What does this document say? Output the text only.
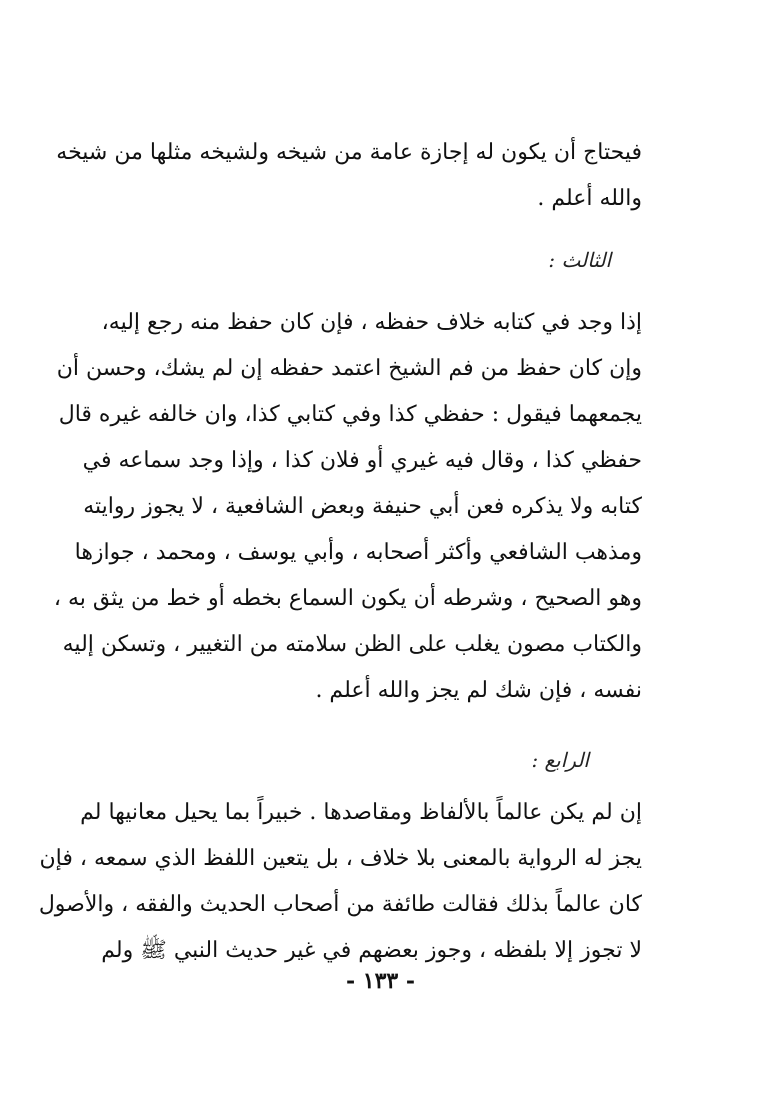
فيحتاج أن يكون له إجازة عامة من شيخه ولشيخه مثلها من شيخه
والله أعلم .
الثالث :
إذا وجد في كتابه خلاف حفظه ، فإن كان حفظ منه رجع إليه،
وإن كان حفظ من فم الشيخ اعتمد حفظه إن لم يشك، وحسن أن
يجمعهما فيقول : حفظي كذا وفي كتابي كذا، وان خالفه غيره قال
حفظي كذا ، وقال فيه غيري أو فلان كذا ، وإذا وجد سماعه في
كتابه ولا يذكره فعن أبي حنيفة وبعض الشافعية ، لا يجوز روايته
ومذهب الشافعي وأكثر أصحابه ، وأبي يوسف ، ومحمد ، جوازها
وهو الصحيح ، وشرطه أن يكون السماع بخطه أو خط من يثق به ،
والكتاب مصون يغلب على الظن سلامته من التغيير ، وتسكن إليه
نفسه ، فإن شك لم يجز والله أعلم .
الرابع :
إن لم يكن عالماً بالألفاظ ومقاصدها . خبيراً بما يحيل معانيها لم
يجز له الرواية بالمعنى بلا خلاف ، بل يتعين اللفظ الذي سمعه ، فإن
كان عالماً بذلك فقالت طائفة من أصحاب الحديث والفقه ، والأصول
لا تجوز إلا بلفظه ، وجوز بعضهم في غير حديث النبي ﷺ ولم
- ١٣٣ -
